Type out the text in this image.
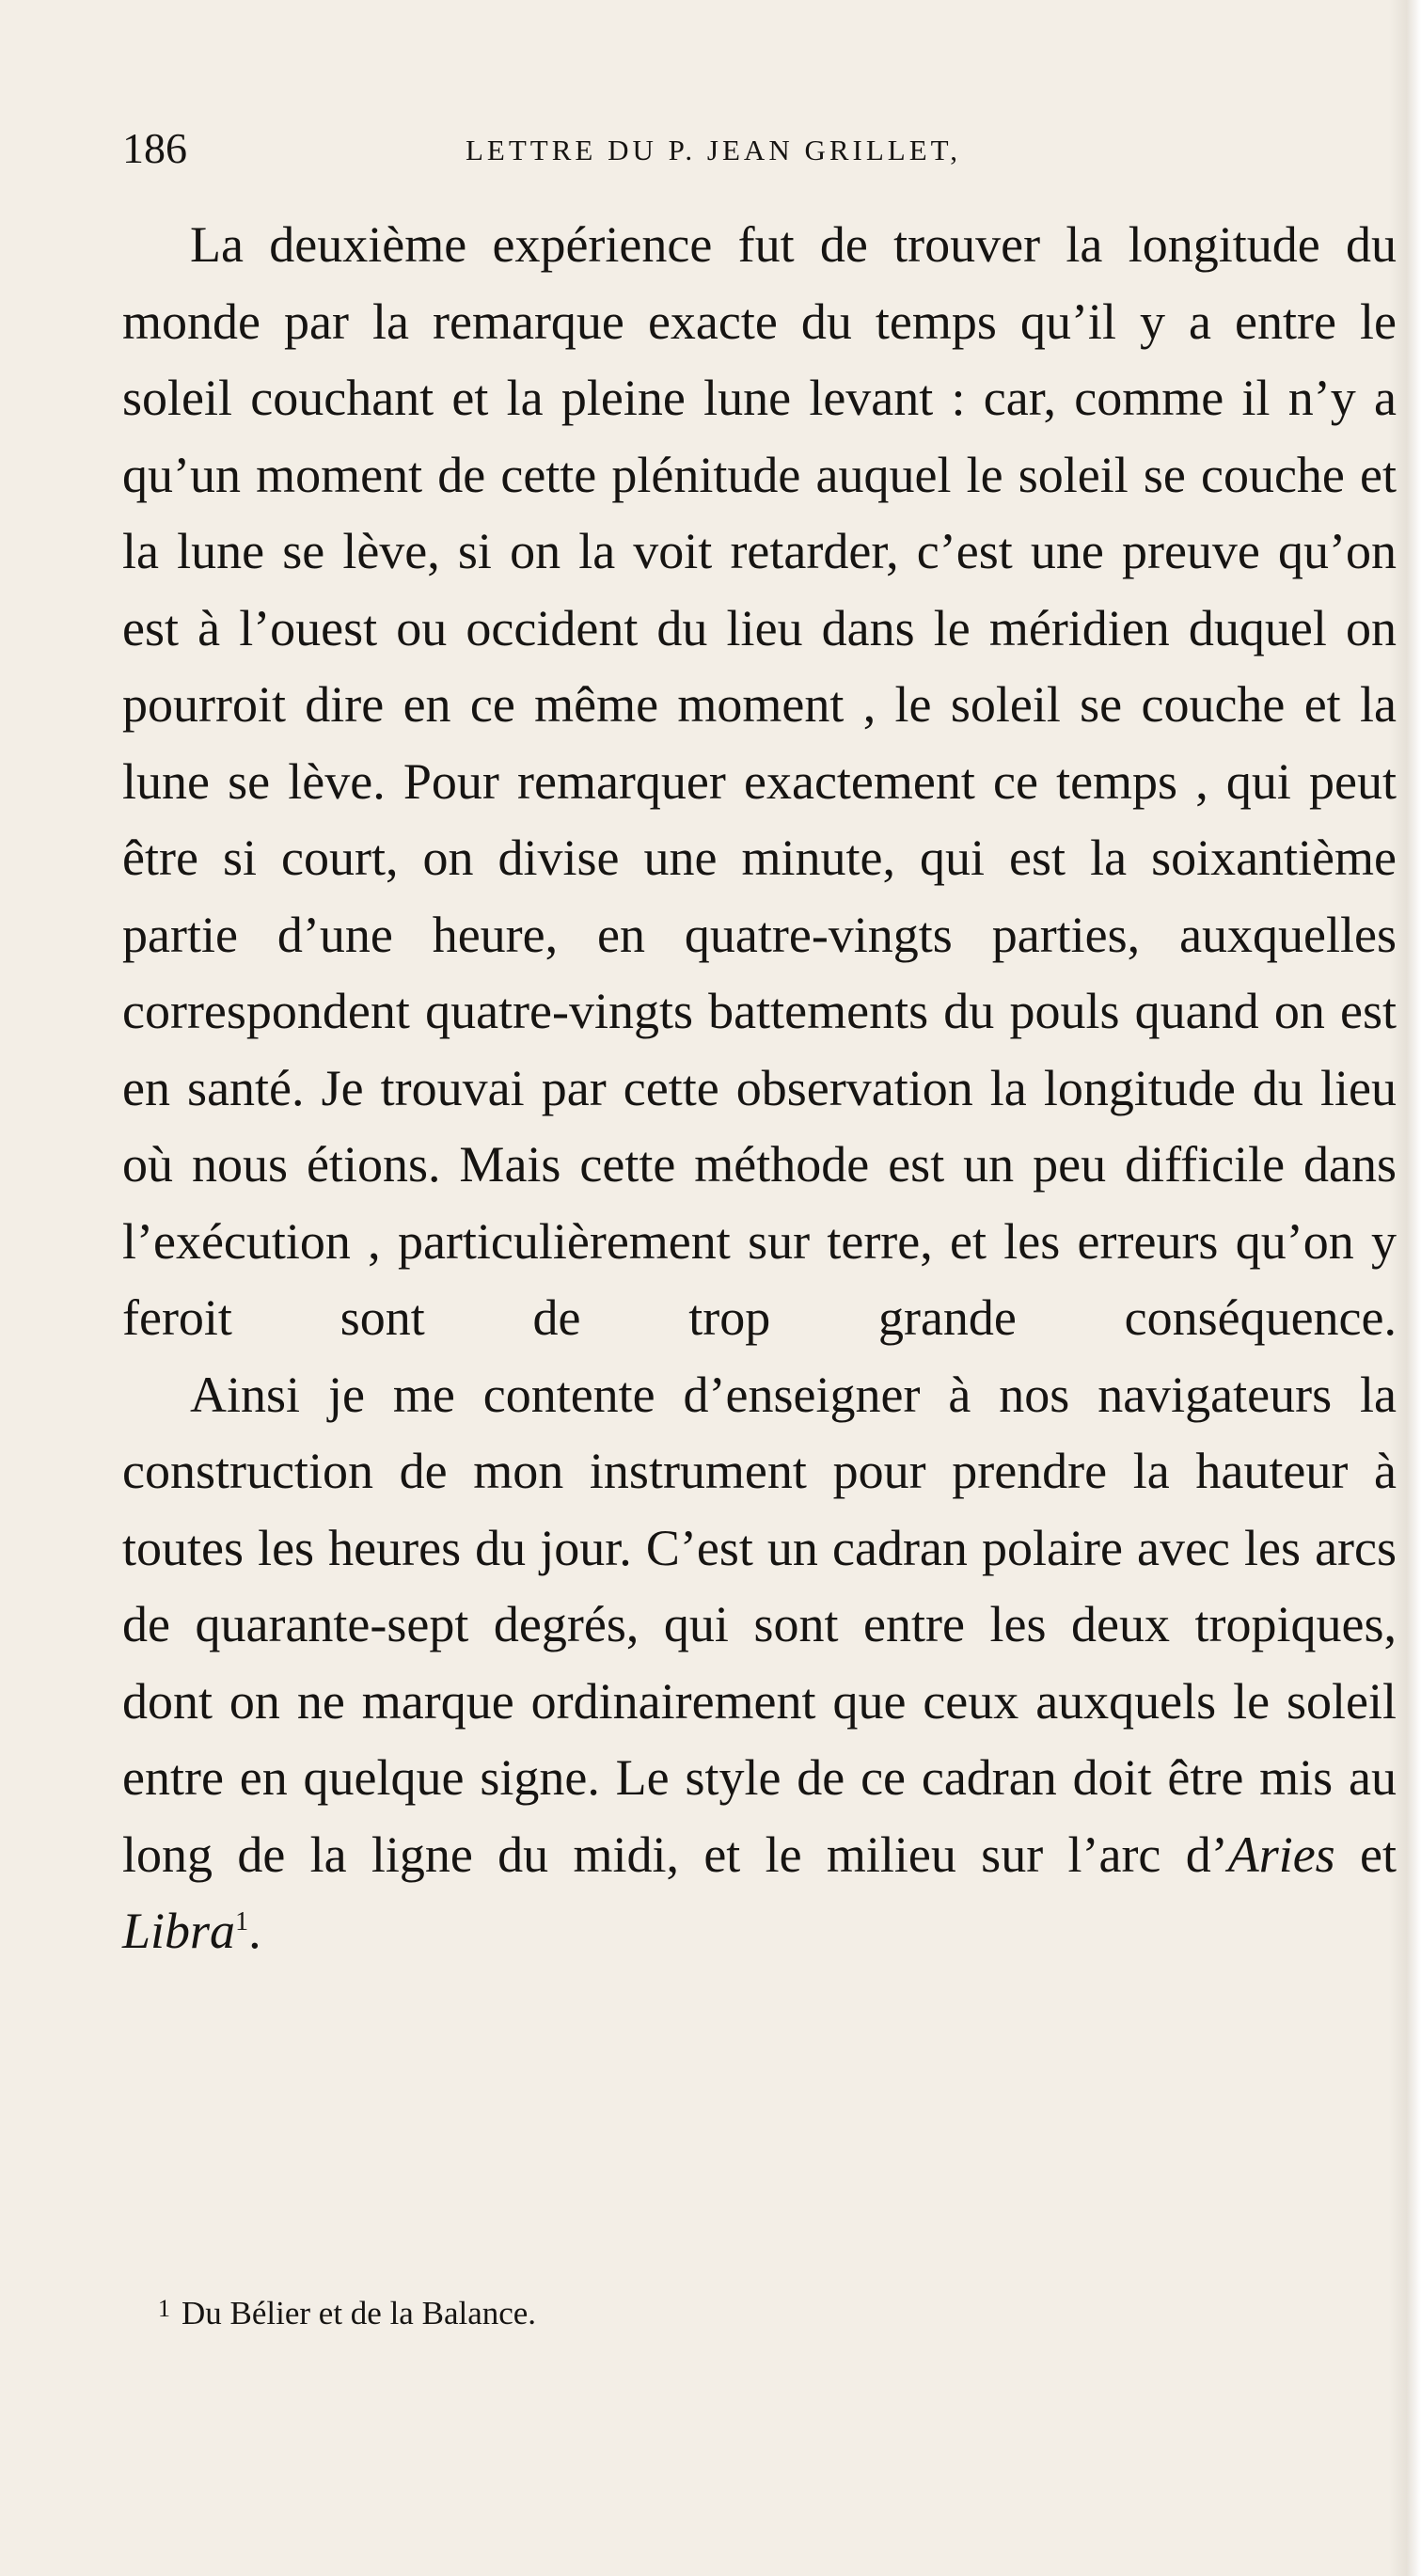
186	LETTRE DU P. JEAN GRILLET,

La deuxième expérience fut de trouver la longitude du monde par la remarque exacte du temps qu’il y a entre le soleil couchant et la pleine lune levant : car, comme il n’y a qu’un moment de cette plénitude auquel le soleil se couche et la lune se lève, si on la voit retarder, c’est une preuve qu’on est à l’ouest ou occident du lieu dans le méridien duquel on pourroit dire en ce même moment , le soleil se couche et la lune se lève. Pour remarquer exactement ce temps , qui peut être si court, on divise une minute, qui est la soixantième partie d’une heure, en quatre-vingts parties, auxquelles correspondent quatre-vingts battements du pouls quand on est en santé. Je trouvai par cette observation la longitude du lieu où nous étions. Mais cette méthode est un peu difficile dans l’exécution , particulièrement sur terre, et les erreurs qu’on y feroit sont de trop grande conséquence.

Ainsi je me contente d’enseigner à nos navigateurs la construction de mon instrument pour prendre la hauteur à toutes les heures du jour. C’est un cadran polaire avec les arcs de quarante-sept degrés, qui sont entre les deux tropiques, dont on ne marque ordinairement que ceux auxquels le soleil entre en quelque signe. Le style de ce cadran doit être mis au long de la ligne du midi, et le milieu sur l’arc d’Aries et Libra$^1$.

$^1$ Du Bélier et de la Balance.
